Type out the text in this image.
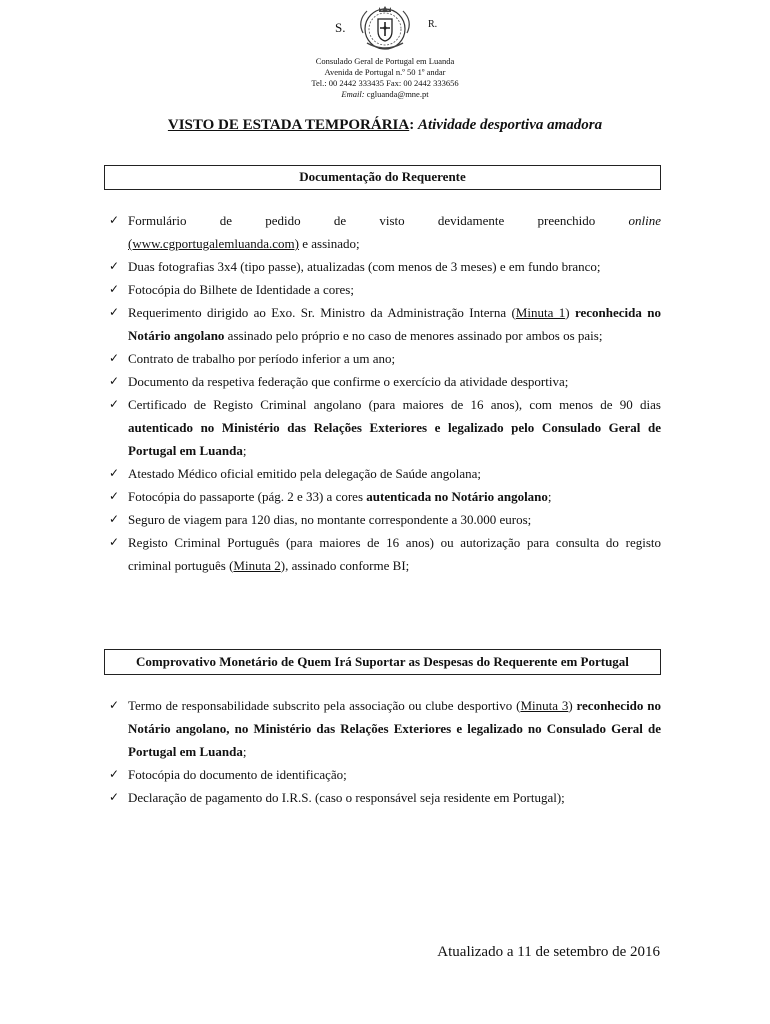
S.	R.
Consulado Geral de Portugal em Luanda
Avenida de Portugal n.º 50 1º andar
Tel.: 00 2442 333435 Fax: 00 2442 333656
Email: cgluanda@mne.pt
VISTO DE ESTADA TEMPORÁRIA: Atividade desportiva amadora
Documentação do Requerente
✓ Formulário	de	pedido	de	visto	devidamente	preenchido	online
(www.cgportugalemluanda.com) e assinado;
✓ Duas fotografias 3x4 (tipo passe), atualizadas (com menos de 3 meses) e em fundo branco;
✓ Fotocópia do Bilhete de Identidade a cores;
✓ Requerimento dirigido ao Exo. Sr. Ministro da Administração Interna (Minuta 1) reconhecida no Notário angolano assinado pelo próprio e no caso de menores assinado por ambos os pais;
✓ Contrato de trabalho por período inferior a um ano;
✓ Documento da respetiva federação que confirme o exercício da atividade desportiva;
✓ Certificado de Registo Criminal angolano (para maiores de 16 anos), com menos de 90 dias autenticado no Ministério das Relações Exteriores e legalizado pelo Consulado Geral de Portugal em Luanda;
✓ Atestado Médico oficial emitido pela delegação de Saúde angolana;
✓ Fotocópia do passaporte (pág. 2 e 33) a cores autenticada no Notário angolano;
✓ Seguro de viagem para 120 dias, no montante correspondente a 30.000 euros;
✓ Registo Criminal Português (para maiores de 16 anos) ou autorização para consulta do registo criminal português (Minuta 2), assinado conforme BI;
Comprovativo Monetário de Quem Irá Suportar as Despesas do Requerente em Portugal
✓ Termo de responsabilidade subscrito pela associação ou clube desportivo (Minuta 3) reconhecido no Notário angolano, no Ministério das Relações Exteriores e legalizado no Consulado Geral de Portugal em Luanda;
✓ Fotocópia do documento de identificação;
✓ Declaração de pagamento do I.R.S. (caso o responsável seja residente em Portugal);
Atualizado a 11 de setembro de 2016
